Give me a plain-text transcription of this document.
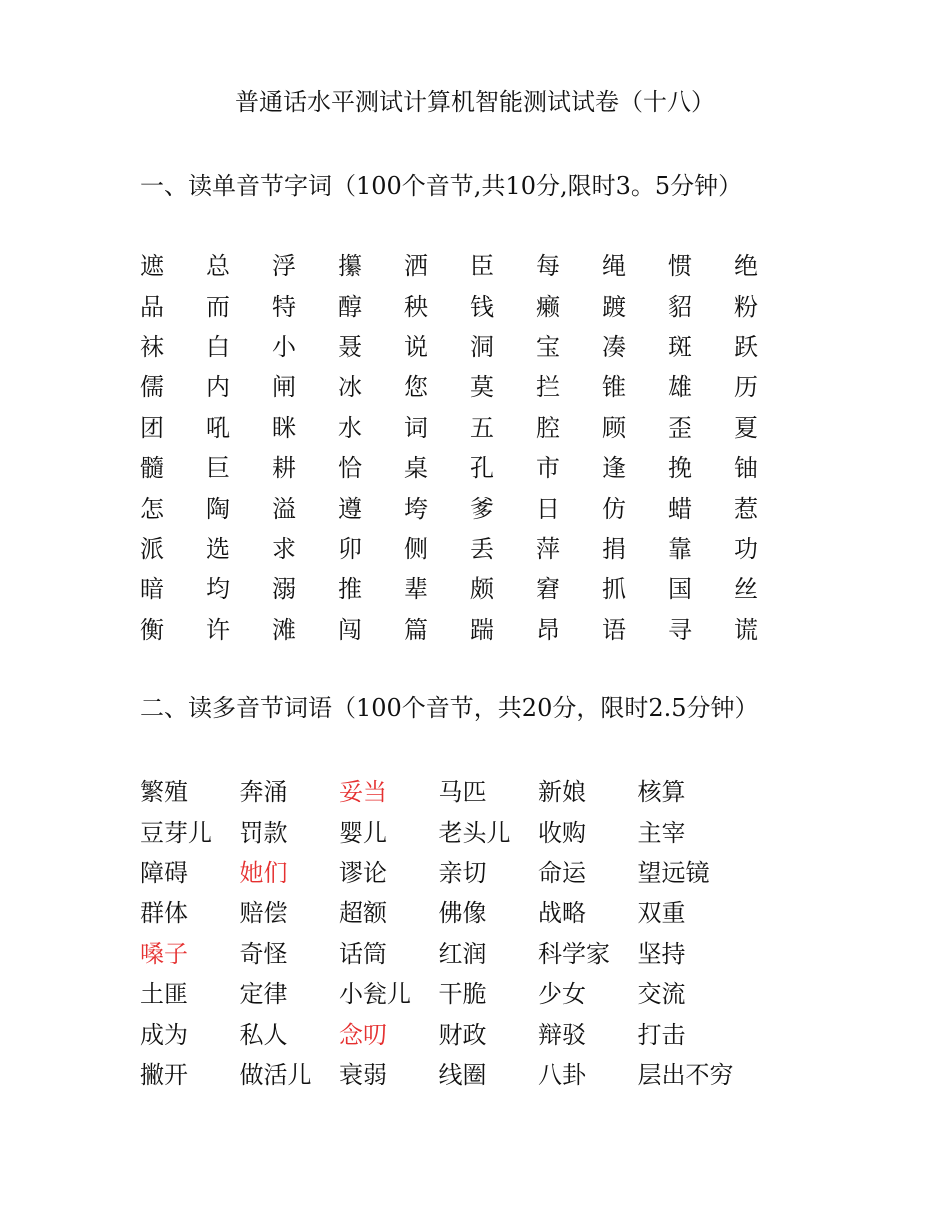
普通话水平测试计算机智能测试试卷（十八）
一、读单音节字词（100个音节,共10分,限时3。5分钟）
遮	总	浮	攥	洒	臣	每	绳	惯	绝
品	而	特	醇	秧	钱	癞	踱	貂	粉
袜	白	小	聂	说	洞	宝	凑	斑	跃
儒	内	闸	冰	您	莫	拦	锥	雄	历
团	吼	眯	水	词	五	腔	顾	歪	夏
髓	巨	耕	恰	桌	孔	市	逢	挽	铀
怎	陶	溢	遵	垮	爹	日	仿	蜡	惹
派	选	求	卯	侧	丢	萍	捐	靠	功
暗	均	溺	推	辈	颇	窘	抓	国	丝
衡	许	滩	闯	篇	踹	昂	语	寻	谎
二、读多音节词语（100个音节，共20分，限时2.5分钟）
繁殖	奔涌	妥当	马匹	新娘	核算
豆芽儿	罚款	婴儿	老头儿	收购	主宰
障碍	她们	谬论	亲切	命运	望远镜
群体	赔偿	超额	佛像	战略	双重
嗓子	奇怪	话筒	红润	科学家	坚持
土匪	定律	小瓮儿	干脆	少女	交流
成为	私人	念叨	财政	辩驳	打击
撇开	做活儿	衰弱	线圈	八卦	层出不穷
